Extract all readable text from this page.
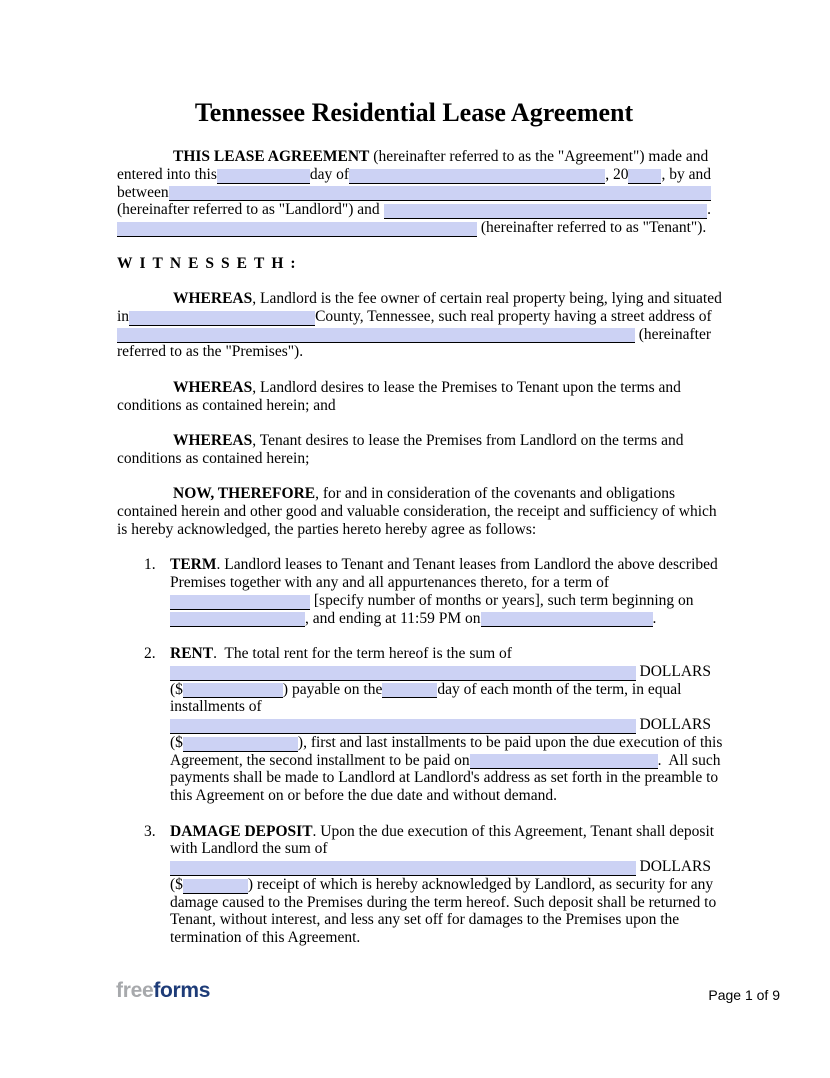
Tennessee Residential Lease Agreement
THIS LEASE AGREEMENT (hereinafter referred to as the "Agreement") made and
entered into this	day of	, 20 , by and
between
(hereinafter referred to as "Landlord") and	.
(hereinafter referred to as "Tenant").
WITNESSETH:
WHEREAS , Landlord is the fee owner of certain real property being, lying and situated
in	County, Tennessee, such real property having a street address of
(hereinafter
referred to as the "Premises").
WHEREAS , Landlord desires to lease the Premises to Tenant upon the terms and
conditions as contained herein; and
WHEREAS , Tenant desires to lease the Premises from Landlord on the terms and
conditions as contained herein;
NOW, THEREFORE , for and in consideration of the covenants and obligations
contained herein and other good and valuable consideration, the receipt and sufficiency of which
is hereby acknowledged, the parties hereto hereby agree as follows:
1. TERM . Landlord leases to Tenant and Tenant leases from Landlord the above described
Premises together with any and all appurtenances thereto, for a term of
[specify number of months or years], such term beginning on
, and ending at 11:59 PM on	.
2. RENT .  The total rent for the term hereof is the sum of
DOLLARS
($	) payable on the	day of each month of the term, in equal
installments of
DOLLARS
($	), first and last installments to be paid upon the due execution of this
Agreement, the second installment to be paid on	.  All such
payments shall be made to Landlord at Landlord's address as set forth in the preamble to
this Agreement on or before the due date and without demand.
3. DAMAGE DEPOSIT . Upon the due execution of this Agreement, Tenant shall deposit
with Landlord the sum of
DOLLARS
($	) receipt of which is hereby acknowledged by Landlord, as security for any
damage caused to the Premises during the term hereof. Such deposit shall be returned to
Tenant, without interest, and less any set off for damages to the Premises upon the
termination of this Agreement.
freeforms	Page 1 of 9
